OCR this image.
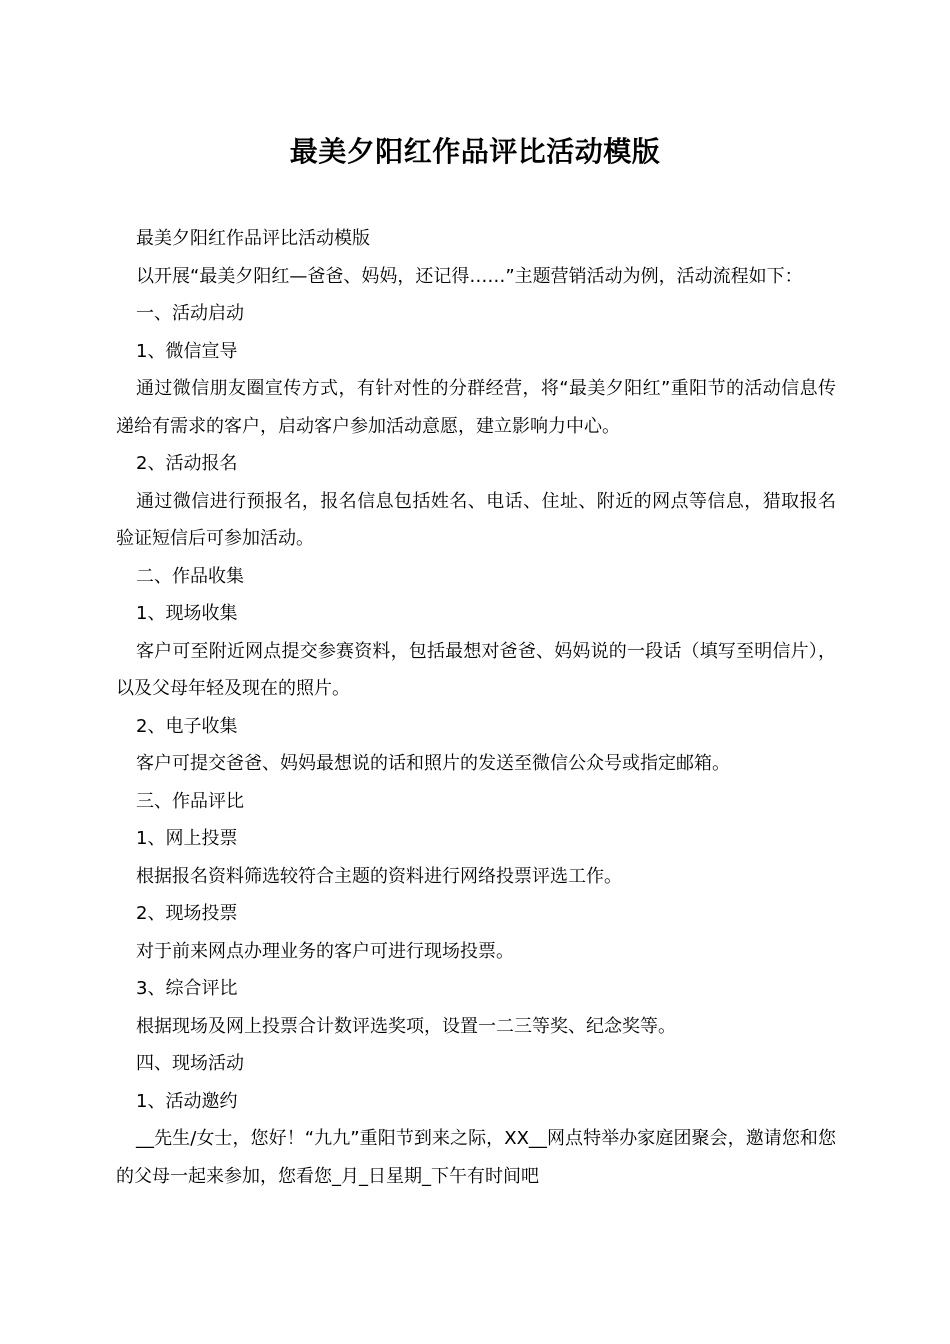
最美夕阳红作品评比活动模版

最美夕阳红作品评比活动模版

以开展“最美夕阳红—爸爸、妈妈，还记得……”主题营销活动为例，活动流程如下：

一、活动启动

1、微信宣导

通过微信朋友圈宣传方式，有针对性的分群经营，将“最美夕阳红”重阳节的活动信息传递给有需求的客户，启动客户参加活动意愿，建立影响力中心。

2、活动报名

通过微信进行预报名，报名信息包括姓名、电话、住址、附近的网点等信息，猎取报名验证短信后可参加活动。

二、作品收集

1、现场收集

客户可至附近网点提交参赛资料，包括最想对爸爸、妈妈说的一段话（填写至明信片），以及父母年轻及现在的照片。

2、电子收集

客户可提交爸爸、妈妈最想说的话和照片的发送至微信公众号或指定邮箱。

三、作品评比

1、网上投票

根据报名资料筛选较符合主题的资料进行网络投票评选工作。

2、现场投票

对于前来网点办理业务的客户可进行现场投票。

3、综合评比

根据现场及网上投票合计数评选奖项，设置一二三等奖、纪念奖等。

四、现场活动

1、活动邀约

__先生/女士，您好！“九九”重阳节到来之际，XX__网点特举办家庭团聚会，邀请您和您的父母一起来参加，您看您_月_日星期_下午有时间吧
